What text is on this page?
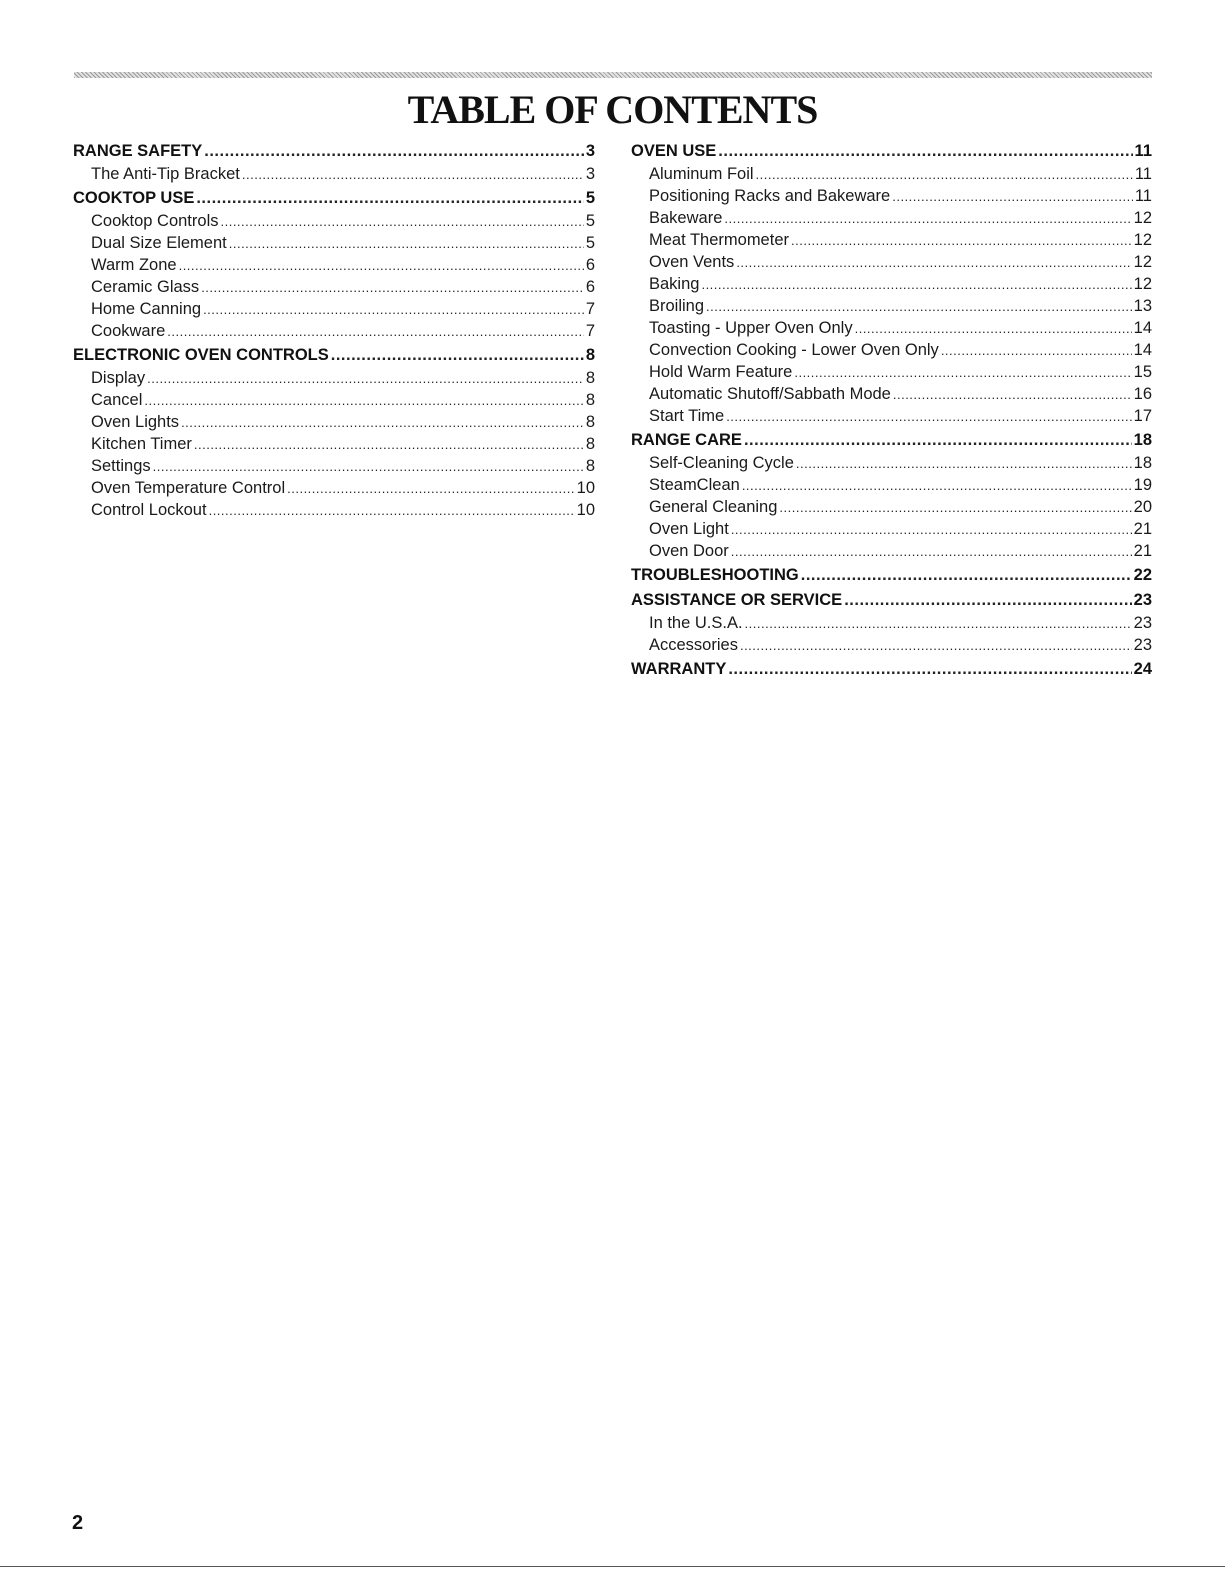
TABLE OF CONTENTS
RANGE SAFETY .....	3
The Anti-Tip Bracket .....	3
COOKTOP USE .....	5
Cooktop Controls .....	5
Dual Size Element .....	5
Warm Zone .....	6
Ceramic Glass .....	6
Home Canning .....	7
Cookware .....	7
ELECTRONIC OVEN CONTROLS .....	8
Display .....	8
Cancel .....	8
Oven Lights .....	8
Kitchen Timer .....	8
Settings .....	8
Oven Temperature Control .....	10
Control Lockout .....	10
OVEN USE .....	11
Aluminum Foil .....	11
Positioning Racks and Bakeware .....	11
Bakeware .....	12
Meat Thermometer .....	12
Oven Vents .....	12
Baking .....	12
Broiling .....	13
Toasting - Upper Oven Only .....	14
Convection Cooking - Lower Oven Only .....	14
Hold Warm Feature .....	15
Automatic Shutoff/Sabbath Mode .....	16
Start Time .....	17
RANGE CARE .....	18
Self-Cleaning Cycle .....	18
SteamClean .....	19
General Cleaning .....	20
Oven Light .....	21
Oven Door .....	21
TROUBLESHOOTING .....	22
ASSISTANCE OR SERVICE .....	23
In the U.S.A. .....	23
Accessories .....	23
WARRANTY .....	24
2
